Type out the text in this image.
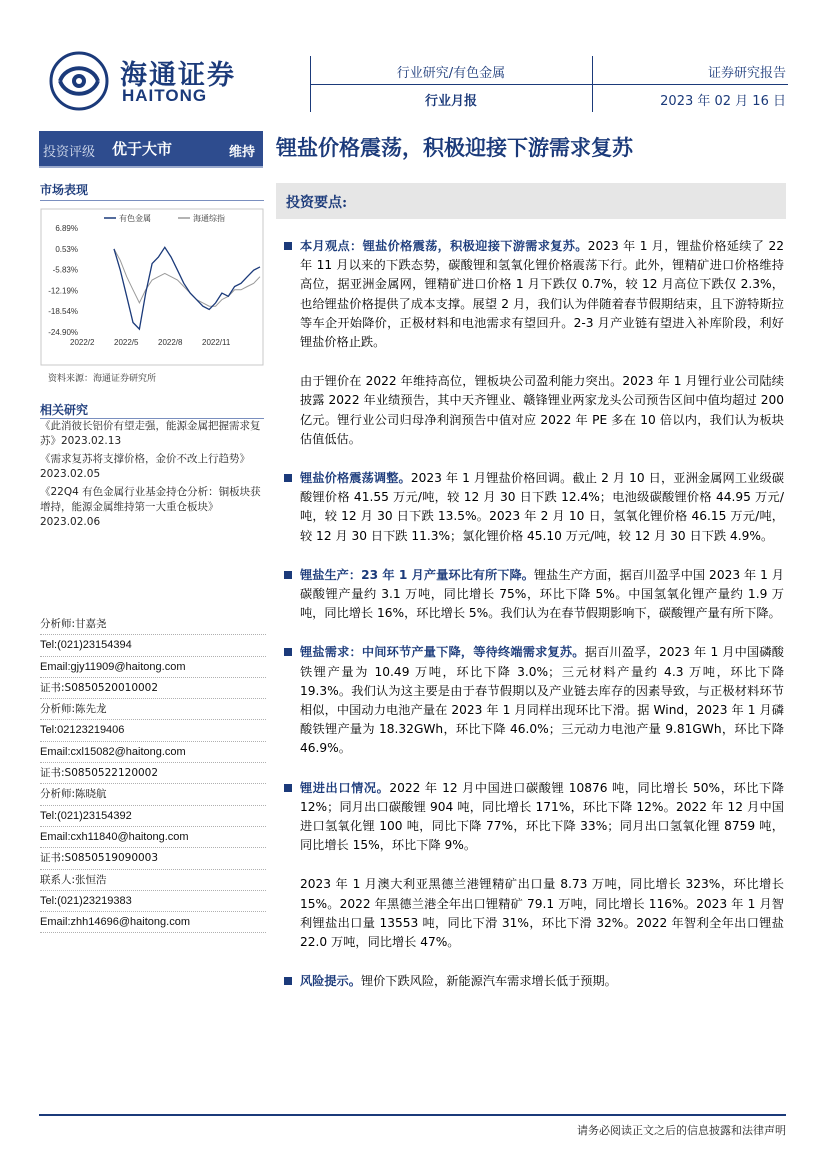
海通证券
HAITONG
行业研究/有色金属
行业月报
证券研究报告
2023 年 02 月 16 日
投资评级 优于大市	维持 锂盐价格震荡，积极迎接下游需求复苏
市场表现
6.89%
0.53%
-5.83%
-12.19%
-18.54%
-24.90%
2022/2 2022/5 2022/8 2022/11
有色金属	海通综指
资料来源：海通证券研究所
相关研究
《此消彼长铝价有望走强，能源金属把握需求复苏》2023.02.13
《需求复苏将支撑价格，金价不改上行趋势》2023.02.05
《22Q4 有色金属行业基金持仓分析：铜板块获增持，能源金属维持第一大重仓板块》2023.02.06
分析师:甘嘉尧
Tel:(021)23154394
Email:gjy11909@haitong.com
证书:S0850520010002
分析师:陈先龙
Tel:02123219406
Email:cxl15082@haitong.com
证书:S0850522120002
分析师:陈晓航
Tel:(021)23154392
Email:cxh11840@haitong.com
证书:S0850519090003
联系人:张恒浩
Tel:(021)23219383
Email:zhh14696@haitong.com
投资要点:

本月观点：锂盐价格震荡，积极迎接下游需求复苏。2023 年 1 月，锂盐价格延续了 22 年 11 月以来的下跌态势，碳酸锂和氢氧化锂价格震荡下行。此外，锂精矿进口价格维持高位，据亚洲金属网，锂精矿进口价格 1 月下跌仅 0.7%，较 12 月高位下跌仅 2.3%，也给锂盐价格提供了成本支撑。展望 2 月，我们认为伴随着春节假期结束，且下游特斯拉等车企开始降价，正极材料和电池需求有望回升。2-3 月产业链有望进入补库阶段，利好锂盐价格止跌。

由于锂价在 2022 年维持高位，锂板块公司盈利能力突出。2023 年 1 月锂行业公司陆续披露 2022 年业绩预告，其中天齐锂业、赣锋锂业两家龙头公司预告区间中值均超过 200 亿元。锂行业公司归母净利润预告中值对应 2022 年 PE 多在 10 倍以内，我们认为板块估值低估。

锂盐价格震荡调整。2023 年 1 月锂盐价格回调。截止 2 月 10 日，亚洲金属网工业级碳酸锂价格 41.55 万元/吨，较 12 月 30 日下跌 12.4%；电池级碳酸锂价格 44.95 万元/吨，较 12 月 30 日下跌 13.5%。2023 年 2 月 10 日，氢氧化锂价格 46.15 万元/吨，较 12 月 30 日下跌 11.3%；氯化锂价格 45.10 万元/吨，较 12 月 30 日下跌 4.9%。

锂盐生产：23 年 1 月产量环比有所下降。锂盐生产方面，据百川盈孚中国 2023 年 1 月碳酸锂产量约 3.1 万吨，同比增长 75%，环比下降 5%。中国氢氧化锂产量约 1.9 万吨，同比增长 16%，环比增长 5%。我们认为在春节假期影响下，碳酸锂产量有所下降。

锂盐需求：中间环节产量下降，等待终端需求复苏。据百川盈孚，2023 年 1 月中国磷酸铁锂产量为 10.49 万吨，环比下降 3.0%；三元材料产量约 4.3 万吨，环比下降 19.3%。我们认为这主要是由于春节假期以及产业链去库存的因素导致，与正极材料环节相似，中国动力电池产量在 2023 年 1 月同样出现环比下滑。据 Wind，2023 年 1 月磷酸铁锂产量为 18.32GWh，环比下降 46.0%；三元动力电池产量 9.81GWh，环比下降 46.9%。

锂进出口情况。2022 年 12 月中国进口碳酸锂 10876 吨，同比增长 50%，环比下降 12%；同月出口碳酸锂 904 吨，同比增长 171%，环比下降 12%。2022 年 12 月中国进口氢氧化锂 100 吨，同比下降 77%，环比下降 33%；同月出口氢氧化锂 8759 吨，同比增长 15%，环比下降 9%。

2023 年 1 月澳大利亚黑德兰港锂精矿出口量 8.73 万吨，同比增长 323%，环比增长 15%。2022 年黑德兰港全年出口锂精矿 79.1 万吨，同比增长 116%。2023 年 1 月智利锂盐出口量 13553 吨，同比下滑 31%，环比下滑 32%。2022 年智利全年出口锂盐 22.0 万吨，同比增长 47%。

风险提示。锂价下跌风险，新能源汽车需求增长低于预期。

请务必阅读正文之后的信息披露和法律声明
